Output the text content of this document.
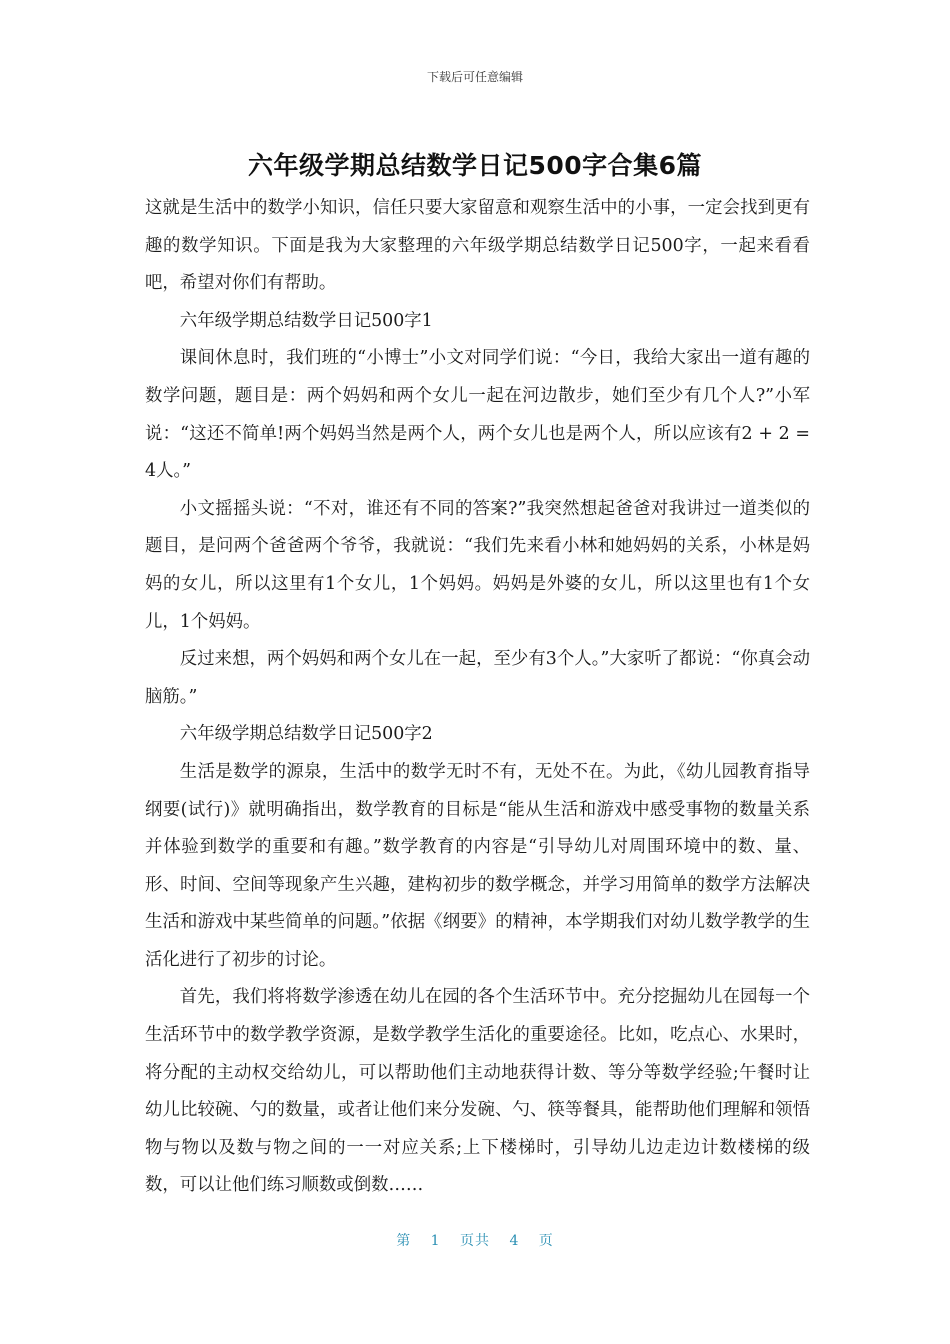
下载后可任意编辑
六年级学期总结数学日记500字合集6篇

这就是生活中的数学小知识，信任只要大家留意和观察生活中的小事，一定会找到更有趣的数学知识。下面是我为大家整理的六年级学期总结数学日记500字，一起来看看吧，希望对你们有帮助。

六年级学期总结数学日记500字1

课间休息时，我们班的“小博士”小文对同学们说：“今日，我给大家出一道有趣的数学问题，题目是：两个妈妈和两个女儿一起在河边散步，她们至少有几个人?”小军说：“这还不简单!两个妈妈当然是两个人，两个女儿也是两个人，所以应该有2 + 2 = 4人。”

小文摇摇头说：“不对，谁还有不同的答案?”我突然想起爸爸对我讲过一道类似的题目，是问两个爸爸两个爷爷，我就说：“我们先来看小林和她妈妈的关系，小林是妈妈的女儿，所以这里有1个女儿，1个妈妈。妈妈是外婆的女儿，所以这里也有1个女儿，1个妈妈。

反过来想，两个妈妈和两个女儿在一起，至少有3个人。”大家听了都说：“你真会动脑筋。”

六年级学期总结数学日记500字2

生活是数学的源泉，生活中的数学无时不有，无处不在。为此，《幼儿园教育指导纲要(试行)》就明确指出，数学教育的目标是“能从生活和游戏中感受事物的数量关系并体验到数学的重要和有趣。”数学教育的内容是“引导幼儿对周围环境中的数、量、形、时间、空间等现象产生兴趣，建构初步的数学概念，并学习用简单的数学方法解决生活和游戏中某些简单的问题。”依据《纲要》的精神，本学期我们对幼儿数学教学的生活化进行了初步的讨论。

首先，我们将将数学渗透在幼儿在园的各个生活环节中。充分挖掘幼儿在园每一个生活环节中的数学教学资源，是数学教学生活化的重要途径。比如，吃点心、水果时，将分配的主动权交给幼儿，可以帮助他们主动地获得计数、等分等数学经验;午餐时让幼儿比较碗、勺的数量，或者让他们来分发碗、勺、筷等餐具，能帮助他们理解和领悟物与物以及数与物之间的一一对应关系;上下楼梯时，引导幼儿边走边计数楼梯的级数，可以让他们练习顺数或倒数……

第 1 页共 4 页
